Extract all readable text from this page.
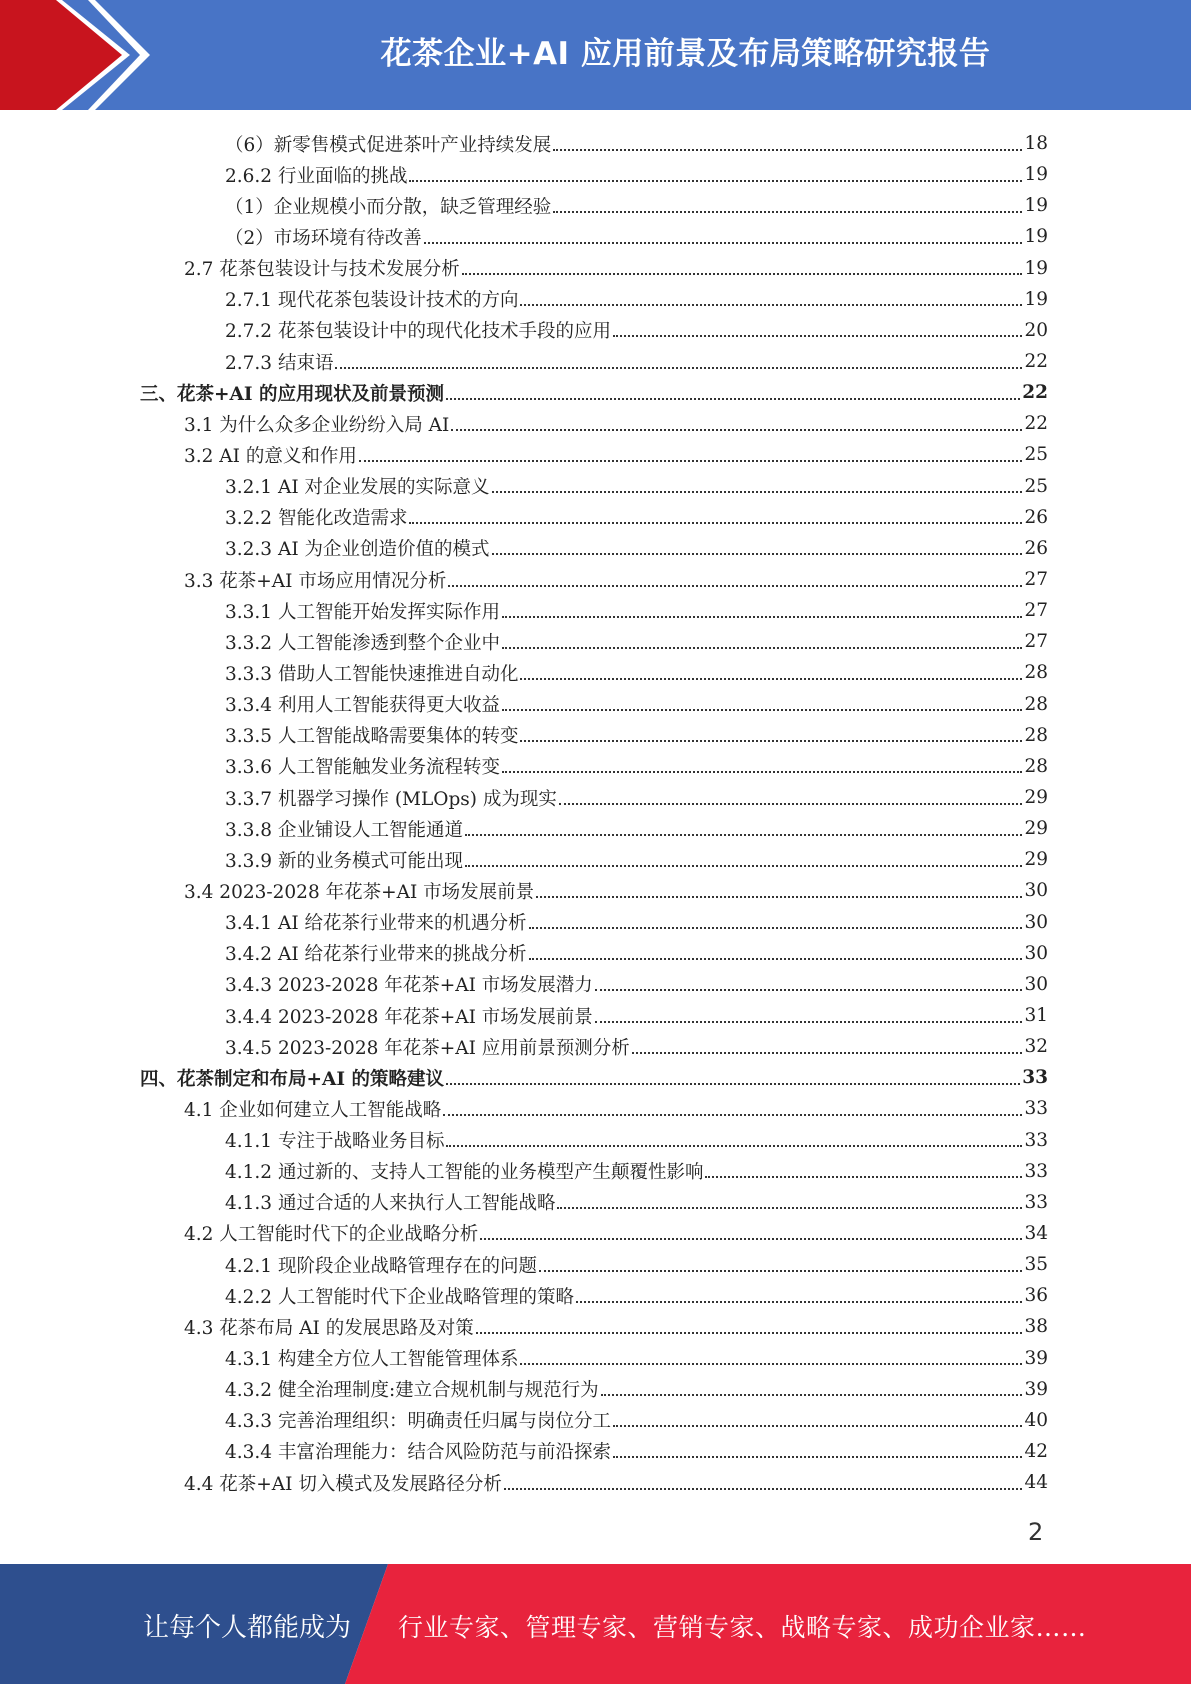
花茶企业+AI 应用前景及布局策略研究报告
（6）新零售模式促进茶叶产业持续发展	18
2.6.2 行业面临的挑战	19
（1）企业规模小而分散，缺乏管理经验	19
（2）市场环境有待改善	19
2.7 花茶包装设计与技术发展分析	19
2.7.1 现代花茶包装设计技术的方向	19
2.7.2 花茶包装设计中的现代化技术手段的应用	20
2.7.3 结束语	22
三、花茶+AI 的应用现状及前景预测	22
3.1 为什么众多企业纷纷入局 AI	22
3.2 AI 的意义和作用	25
3.2.1 AI 对企业发展的实际意义	25
3.2.2 智能化改造需求	26
3.2.3 AI 为企业创造价值的模式	26
3.3 花茶+AI 市场应用情况分析	27
3.3.1 人工智能开始发挥实际作用	27
3.3.2 人工智能渗透到整个企业中	27
3.3.3 借助人工智能快速推进自动化	28
3.3.4 利用人工智能获得更大收益	28
3.3.5 人工智能战略需要集体的转变	28
3.3.6 人工智能触发业务流程转变	28
3.3.7 机器学习操作 (MLOps) 成为现实	29
3.3.8 企业铺设人工智能通道	29
3.3.9 新的业务模式可能出现	29
3.4 2023-2028 年花茶+AI 市场发展前景	30
3.4.1 AI 给花茶行业带来的机遇分析	30
3.4.2 AI 给花茶行业带来的挑战分析	30
3.4.3 2023-2028 年花茶+AI 市场发展潜力	30
3.4.4 2023-2028 年花茶+AI 市场发展前景	31
3.4.5 2023-2028 年花茶+AI 应用前景预测分析	32
四、花茶制定和布局+AI 的策略建议	33
4.1 企业如何建立人工智能战略	33
4.1.1 专注于战略业务目标	33
4.1.2 通过新的、支持人工智能的业务模型产生颠覆性影响	33
4.1.3 通过合适的人来执行人工智能战略	33
4.2 人工智能时代下的企业战略分析	34
4.2.1 现阶段企业战略管理存在的问题	35
4.2.2 人工智能时代下企业战略管理的策略	36
4.3 花茶布局 AI 的发展思路及对策	38
4.3.1 构建全方位人工智能管理体系	39
4.3.2 健全治理制度:建立合规机制与规范行为	39
4.3.3 完善治理组织：明确责任归属与岗位分工	40
4.3.4 丰富治理能力：结合风险防范与前沿探索	42
4.4 花茶+AI 切入模式及发展路径分析	44
2
让每个人都能成为 行业专家、管理专家、营销专家、战略专家、成功企业家……
